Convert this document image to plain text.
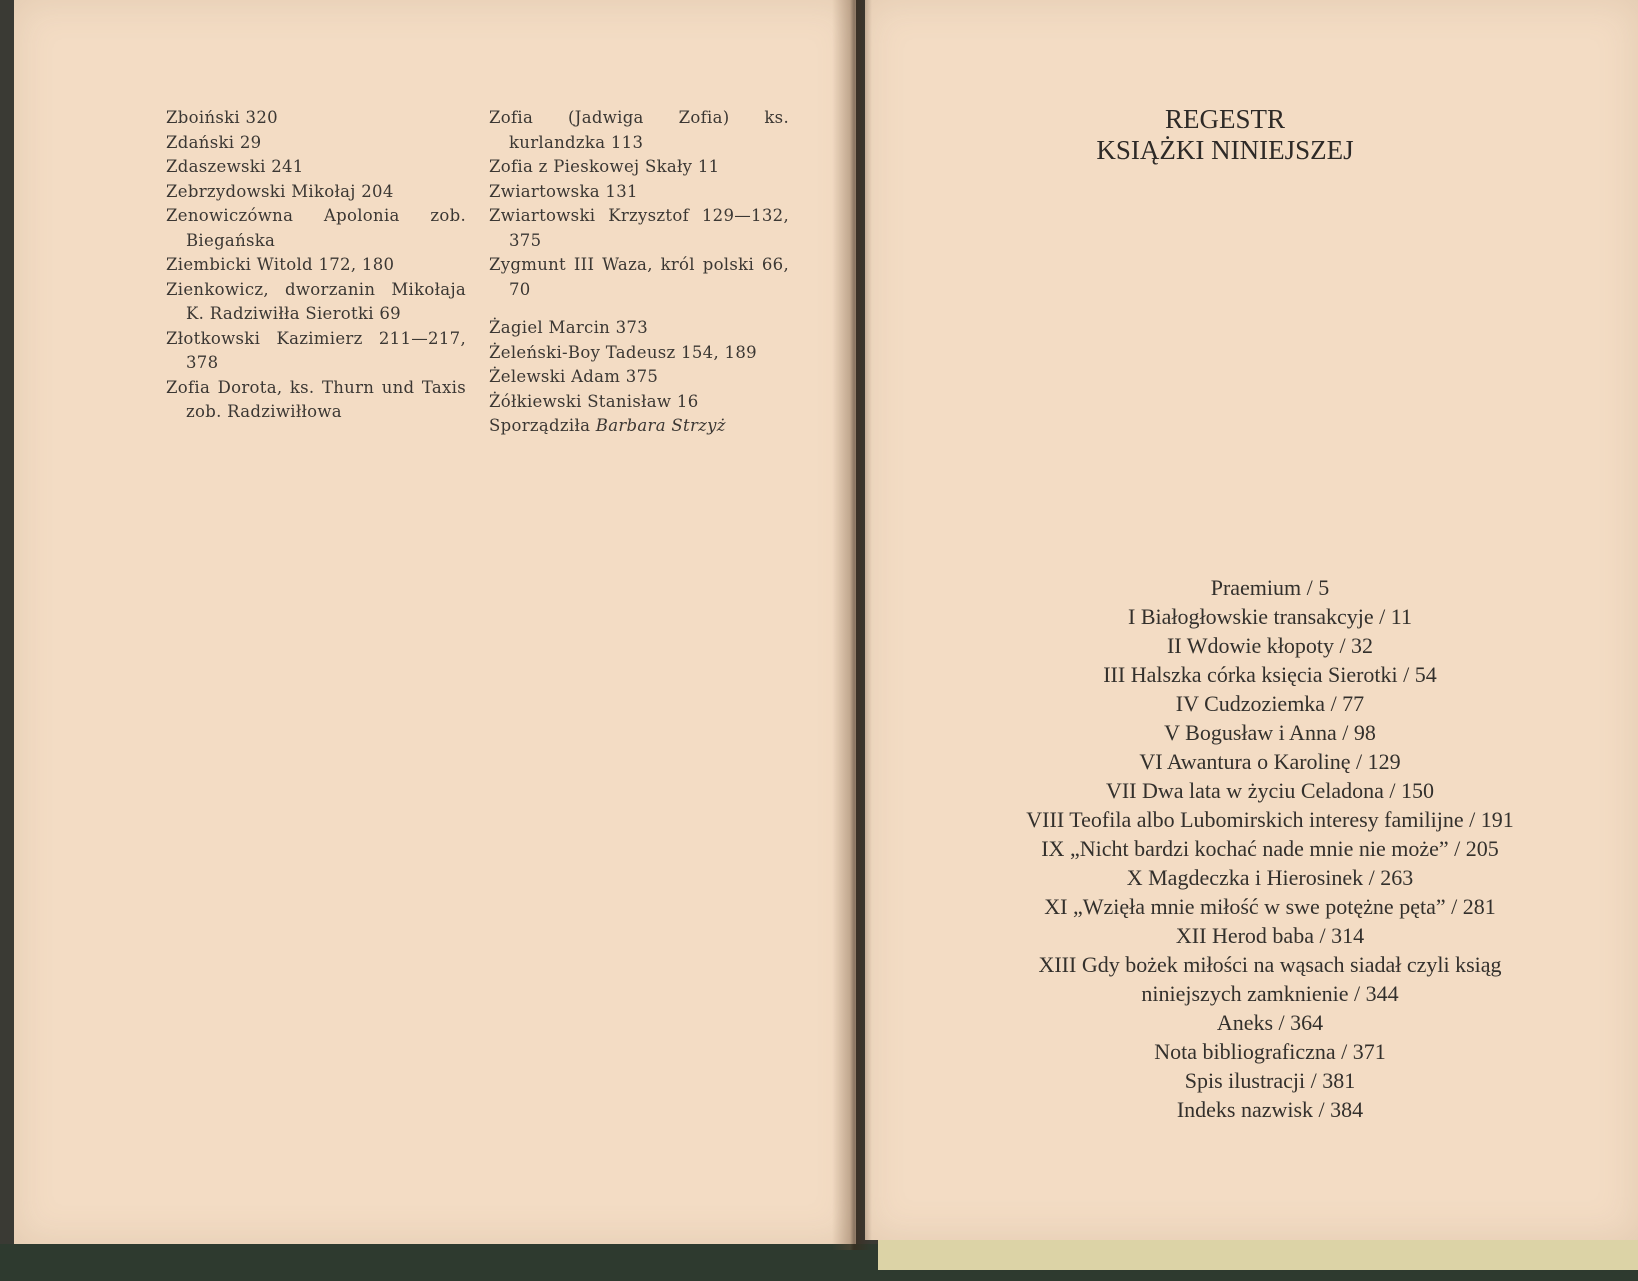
Zboiński 320
Zdański 29
Zdaszewski 241
Zebrzydowski Mikołaj 204
Zenowiczówna Apolonia zob. Biegańska
Ziembicki Witold 172, 180
Zienkowicz, dworzanin Mikołaja K. Radziwiłła Sierotki 69
Złotkowski Kazimierz 211—217, 378
Zofia Dorota, ks. Thurn und Taxis zob. Radziwiłłowa
Zofia (Jadwiga Zofia) ks. kurlandzka 113
Zofia z Pieskowej Skały 11
Zwiartowska 131
Zwiartowski Krzysztof 129—132, 375
Zygmunt III Waza, król polski 66, 70
Żagiel Marcin 373
Żeleński-Boy Tadeusz 154, 189
Żelewski Adam 375
Żółkiewski Stanisław 16
Sporządziła Barbara Strzyż
REGESTR
KSIĄŻKI NINIEJSZEJ
Praemium / 5
I Białogłowskie transakcyje / 11
II Wdowie kłopoty / 32
III Halszka córka księcia Sierotki / 54
IV Cudzoziemka / 77
V Bogusław i Anna / 98
VI Awantura o Karolinę / 129
VII Dwa lata w życiu Celadona / 150
VIII Teofila albo Lubomirskich interesy familijne / 191
IX „Nicht bardzi kochać nade mnie nie może” / 205
X Magdeczka i Hierosinek / 263
XI „Wzięła mnie miłość w swe potężne pęta” / 281
XII Herod baba / 314
XIII Gdy bożek miłości na wąsach siadał czyli ksiąg
niniejszych zamknienie / 344
Aneks / 364
Nota bibliograficzna / 371
Spis ilustracji / 381
Indeks nazwisk / 384
